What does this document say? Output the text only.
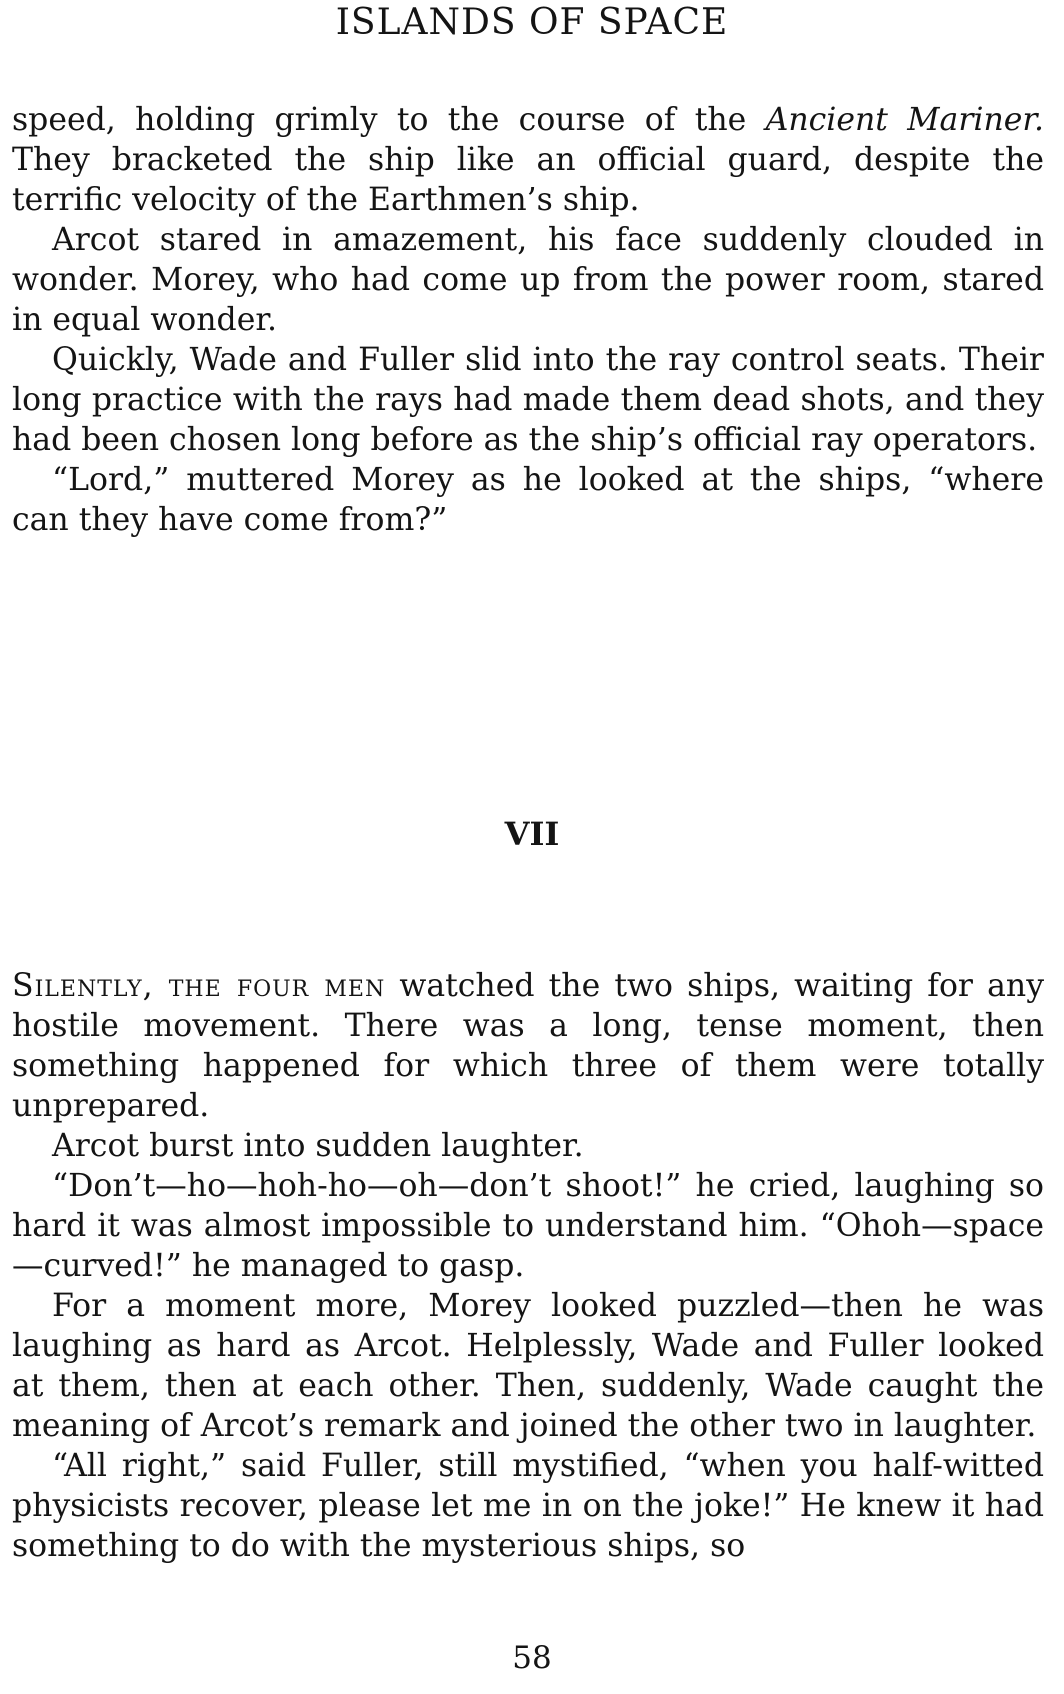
ISLANDS OF SPACE

speed, holding grimly to the course of the Ancient Mariner. They bracketed the ship like an official guard, despite the terrific velocity of the Earthmen’s ship.

Arcot stared in amazement, his face suddenly clouded in wonder. Morey, who had come up from the power room, stared in equal wonder.

Quickly, Wade and Fuller slid into the ray control seats. Their long practice with the rays had made them dead shots, and they had been chosen long before as the ship’s official ray operators.

“Lord,” muttered Morey as he looked at the ships, “where can they have come from?”

VII

Silently, the four men watched the two ships, waiting for any hostile movement. There was a long, tense moment, then something happened for which three of them were totally unprepared.

Arcot burst into sudden laughter.

“Don’t—ho—hoh-ho—oh—don’t shoot!” he cried, laughing so hard it was almost impossible to understand him. “Ohoh—space—curved!” he managed to gasp.

For a moment more, Morey looked puzzled—then he was laughing as hard as Arcot. Helplessly, Wade and Fuller looked at them, then at each other. Then, suddenly, Wade caught the meaning of Arcot’s remark and joined the other two in laughter.

“All right,” said Fuller, still mystified, “when you half-witted physicists recover, please let me in on the joke!” He knew it had something to do with the mysterious ships, so

58
